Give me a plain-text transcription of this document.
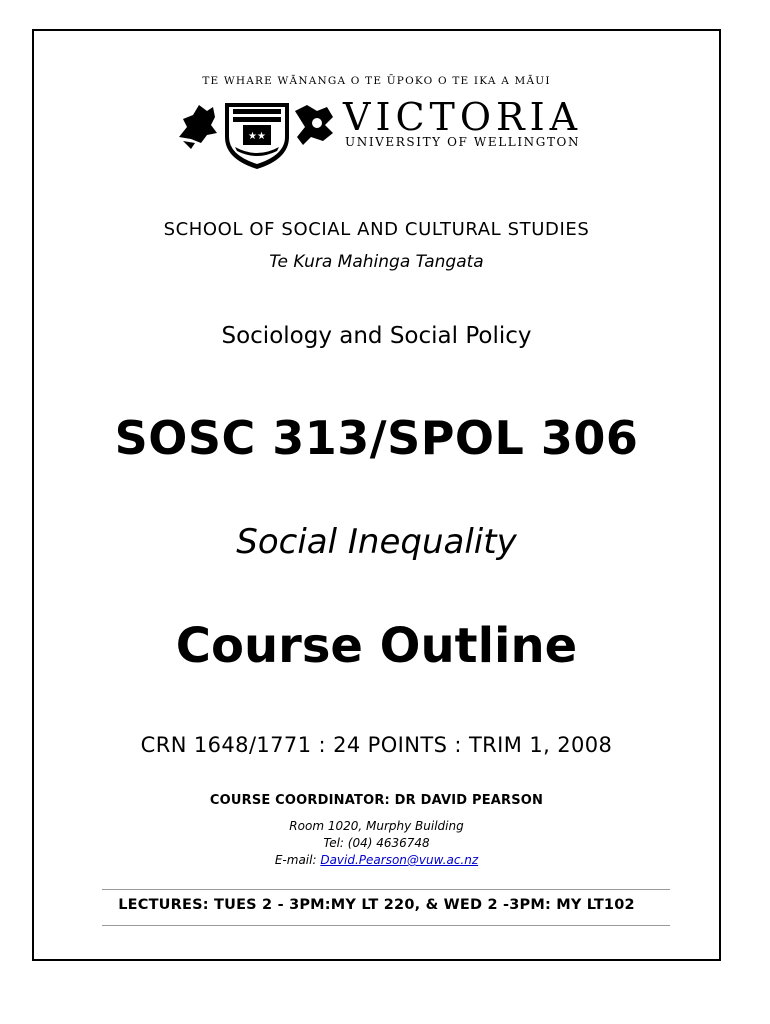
TE WHARE WĀNANGA O TE ŪPOKO O TE IKA A MĀUI
★★ VICTORIA
UNIVERSITY OF WELLINGTON
SCHOOL OF SOCIAL AND CULTURAL STUDIES
Te Kura Mahinga Tangata
Sociology and Social Policy
SOSC 313/SPOL 306
Social Inequality
Course Outline
CRN 1648/1771 : 24 POINTS : TRIM 1, 2008
COURSE COORDINATOR: DR DAVID PEARSON
Room 1020, Murphy Building
Tel: (04) 4636748
E-mail: David.Pearson@vuw.ac.nz
LECTURES: TUES 2 - 3PM:MY LT 220, & WED 2 -3PM: MY LT102
